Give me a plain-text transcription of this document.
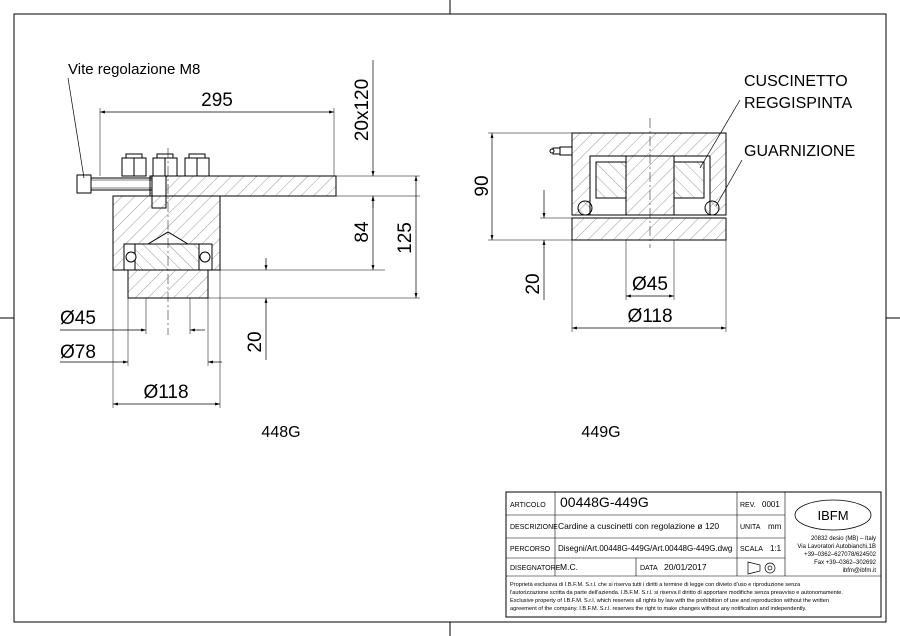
Vite regolazione M8
295	20x120
84 125
20
Ø45
Ø78
Ø118
448G
CUSCINETTO
REGGISPINTA
GUARNIZIONE
90
20	Ø45
Ø118
449G
ARTICOLO 00448G-449G	REV. 0001
DESCRIZIONE Cardine a cuscinetti con regolazione ø 120	UNITA mm
PERCORSO Disegni/Art.00448G-449G/Art.00448G-449G.dwg SCALA 1:1
DISEGNATORE M.C.	DATA 20/01/2017
IBFM
20832 desio (MB) – Italy
Via Lavoratori Autobianchi,1B
+39–0362–627078/624502
Fax +39–0362–302692
ibfm@ibfm.it
Proprietà esclusiva di I.B.F.M. S.r.l. che si riserva tutti i diritti a termine di legge con divieto d'uso e riproduzione senza
l'autorizzazione scritta da parte dell'azienda. I.B.F.M. S.r.l. si riserva il diritto di apportare modifiche senza preavviso e autonomamente.
Exclusive property of I.B.F.M. S.r.l. which reserves all rights by law with the prohibition of use and reproduction without the written
agreement of the company. I.B.F.M. S.r.l. reserves the right to make changes without any notification and independently.
